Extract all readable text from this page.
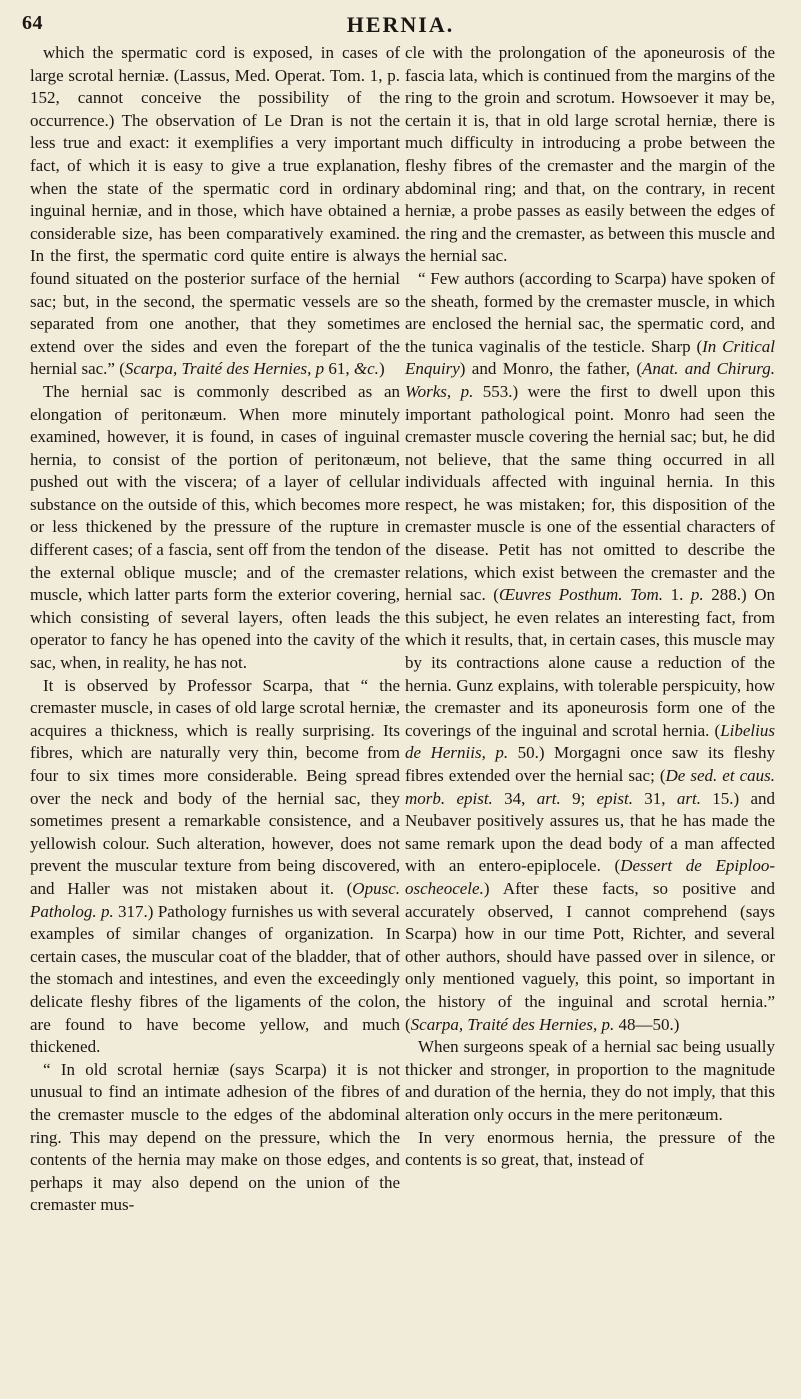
64	HERNIA.

which the spermatic cord is exposed, in cases of large scrotal herniæ. (Lassus, Med. Operat. Tom. 1, p. 152, cannot conceive the possibility of the occurrence.) The observation of Le Dran is not the less true and exact: it exemplifies a very important fact, of which it is easy to give a true explanation, when the state of the spermatic cord in ordinary inguinal herniæ, and in those, which have obtained a considerable size, has been comparatively examined. In the first, the spermatic cord quite entire is always found situated on the posterior surface of the hernial sac; but, in the second, the spermatic vessels are so separated from one another, that they sometimes extend over the sides and even the forepart of the hernial sac.” (Scarpa, Traité des Hernies, p 61, &c.)

The hernial sac is commonly described as an elongation of peritonæum. When more minutely examined, however, it is found, in cases of inguinal hernia, to consist of the portion of peritonæum, pushed out with the viscera; of a layer of cellular substance on the outside of this, which becomes more or less thickened by the pressure of the rupture in different cases; of a fascia, sent off from the tendon of the external oblique muscle; and of the cremaster muscle, which latter parts form the exterior covering, which consisting of several layers, often leads the operator to fancy he has opened into the cavity of the sac, when, in reality, he has not.

It is observed by Professor Scarpa, that “ the cremaster muscle, in cases of old large scrotal herniæ, acquires a thickness, which is really surprising. Its fibres, which are naturally very thin, become from four to six times more considerable. Being spread over the neck and body of the hernial sac, they sometimes present a remarkable consistence, and a yellowish colour. Such alteration, however, does not prevent the muscular texture from being discovered, and Haller was not mistaken about it. (Opusc. Patholog. p. 317.) Pathology furnishes us with several examples of similar changes of organization. In certain cases, the muscular coat of the bladder, that of the stomach and intestines, and even the exceedingly delicate fleshy fibres of the ligaments of the colon, are found to have become yellow, and much thickened.

“ In old scrotal herniæ (says Scarpa) it is not unusual to find an intimate adhesion of the fibres of the cremaster muscle to the edges of the abdominal ring. This may depend on the pressure, which the contents of the hernia may make on those edges, and perhaps it may also depend on the union of the cremaster mus-

cle with the prolongation of the aponeurosis of the fascia lata, which is continued from the margins of the ring to the groin and scrotum. Howsoever it may be, certain it is, that in old large scrotal herniæ, there is much difficulty in introducing a probe between the fleshy fibres of the cremaster and the margin of the abdominal ring; and that, on the contrary, in recent herniæ, a probe passes as easily between the edges of the ring and the cremaster, as between this muscle and the hernial sac.

“ Few authors (according to Scarpa) have spoken of the sheath, formed by the cremaster muscle, in which are enclosed the hernial sac, the spermatic cord, and the tunica vaginalis of the testicle. Sharp (In Critical Enquiry) and Monro, the father, (Anat. and Chirurg. Works, p. 553.) were the first to dwell upon this important pathological point. Monro had seen the cremaster muscle covering the hernial sac; but, he did not believe, that the same thing occurred in all individuals affected with inguinal hernia. In this respect, he was mistaken; for, this disposition of the cremaster muscle is one of the essential characters of the disease. Petit has not omitted to describe the relations, which exist between the cremaster and the hernial sac. (Œuvres Posthum. Tom. 1. p. 288.) On this subject, he even relates an interesting fact, from which it results, that, in certain cases, this muscle may by its contractions alone cause a reduction of the hernia. Gunz explains, with tolerable perspicuity, how the cremaster and its aponeurosis form one of the coverings of the inguinal and scrotal hernia. (Libelius de Herniis, p. 50.) Morgagni once saw its fleshy fibres extended over the hernial sac; (De sed. et caus. morb. epist. 34, art. 9; epist. 31, art. 15.) and Neubaver positively assures us, that he has made the same remark upon the dead body of a man affected with an entero-epiplocele. (Dessert de Epiploo-oscheocele.) After these facts, so positive and accurately observed, I cannot comprehend (says Scarpa) how in our time Pott, Richter, and several other authors, should have passed over in silence, or only mentioned vaguely, this point, so important in the history of the inguinal and scrotal hernia.” (Scarpa, Traité des Hernies, p. 48—50.)

When surgeons speak of a hernial sac being usually thicker and stronger, in proportion to the magnitude and duration of the hernia, they do not imply, that this alteration only occurs in the mere peritonæum.

In very enormous hernia, the pressure of the contents is so great, that, instead of
